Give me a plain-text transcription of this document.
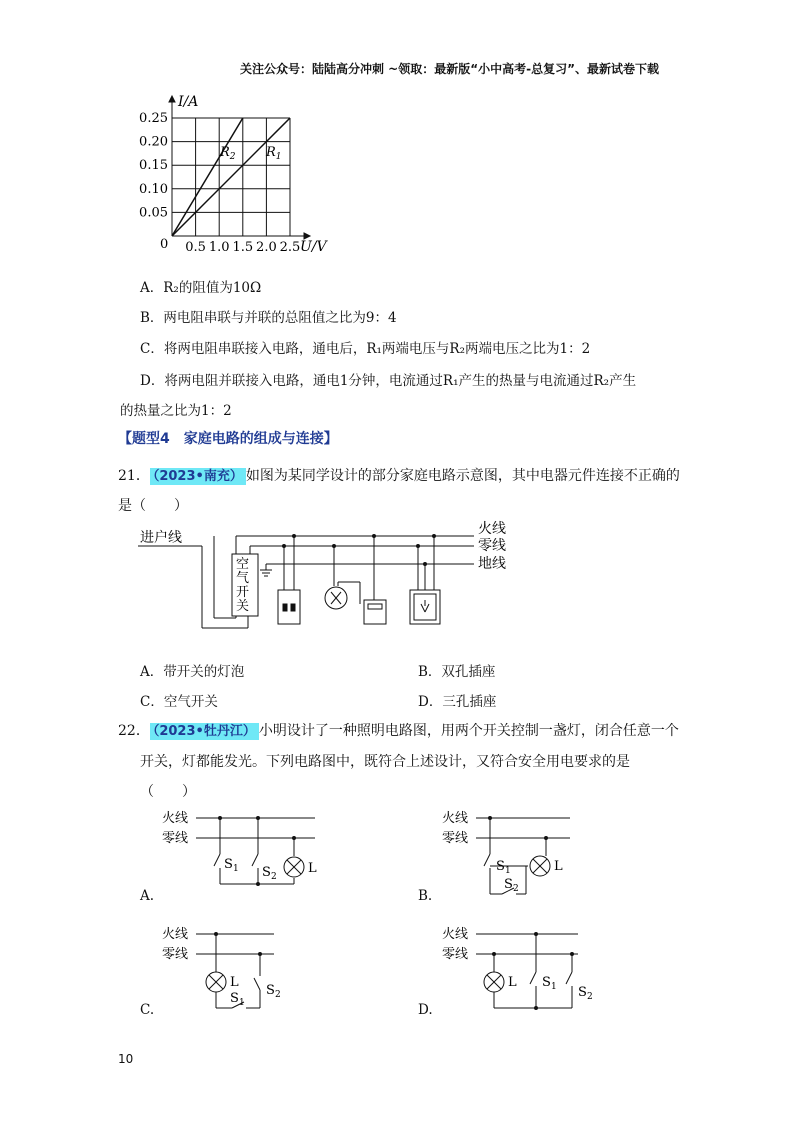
关注公众号：陆陆高分冲刺 ~领取：最新版“小中高考-总复习”、最新试卷下载
I/A
U/V
0 0.5 1.0 1.5 2.0 2.5
0.05
0.10
0.15
0.20
0.25
$R_2$ $R_1$
A．R₂的阻值为10Ω
B．两电阻串联与并联的总阻值之比为9：4
C．将两电阻串联接入电路，通电后，R₁两端电压与R₂两端电压之比为1：2
D．将两电阻并联接入电路，通电1分钟，电流通过R₁产生的热量与电流通过R₂产生
的热量之比为1：2
【题型4　家庭电路的组成与连接】
21． （2023•南充） 如图为某同学设计的部分家庭电路示意图，其中电器元件连接不正确的
是（　　）
进户线
火线
零线
地线
空
气
开
关
A．带开关的灯泡	B．双孔插座
C．空气开关	D．三孔插座
22． （2023•牡丹江） 小明设计了一种照明电路图，用两个开关控制一盏灯，闭合任意一个
开关，灯都能发光。下列电路图中，既符合上述设计，又符合安全用电要求的是
（　　）
火线
零线
S 1 S 2
L
A.
火线
零线
S 1
S 2
L
B.
火线
零线
L
S 1
S 2
C.
火线
零线
L S 1 S 2
D.
10
